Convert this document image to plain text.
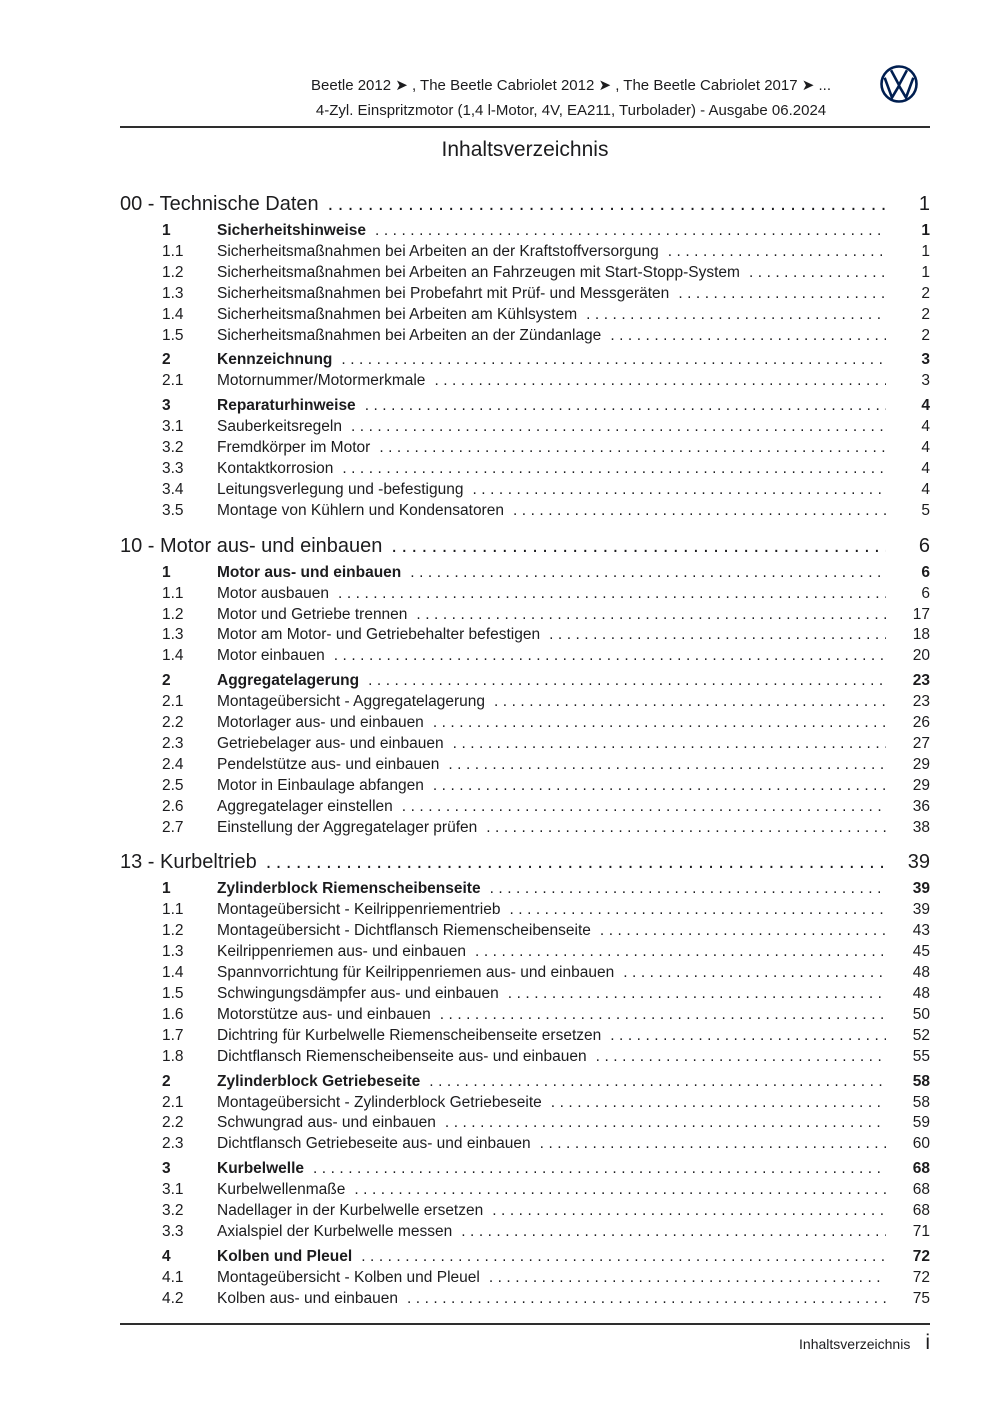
Beetle 2012 ➤ , The Beetle Cabriolet 2012 ➤ , The Beetle Cabriolet 2017 ➤ ...
4-Zyl. Einspritzmotor (1,4 l-Motor, 4V, EA211, Turbolader) - Ausgabe 06.2024
Inhaltsverzeichnis
00 - Technische Daten .....	1
1	Sicherheitshinweise .....	1
1.1	Sicherheitsmaßnahmen bei Arbeiten an der Kraftstoffversorgung .....	1
1.2	Sicherheitsmaßnahmen bei Arbeiten an Fahrzeugen mit Start-Stopp-System .....	1
1.3	Sicherheitsmaßnahmen bei Probefahrt mit Prüf- und Messgeräten .....	2
1.4	Sicherheitsmaßnahmen bei Arbeiten am Kühlsystem .....	2
1.5	Sicherheitsmaßnahmen bei Arbeiten an der Zündanlage .....	2
2	Kennzeichnung .....	3
2.1	Motornummer/Motormerkmale .....	3
3	Reparaturhinweise .....	4
3.1	Sauberkeitsregeln .....	4
3.2	Fremdkörper im Motor .....	4
3.3	Kontaktkorrosion .....	4
3.4	Leitungsverlegung und -befestigung .....	4
3.5	Montage von Kühlern und Kondensatoren .....	5
10 - Motor aus- und einbauen .....	6
1	Motor aus- und einbauen .....	6
1.1	Motor ausbauen .....	6
1.2	Motor und Getriebe trennen .....	17
1.3	Motor am Motor- und Getriebehalter befestigen .....	18
1.4	Motor einbauen .....	20
2	Aggregatelagerung .....	23
2.1	Montageübersicht - Aggregatelagerung .....	23
2.2	Motorlager aus- und einbauen .....	26
2.3	Getriebelager aus- und einbauen .....	27
2.4	Pendelstütze aus- und einbauen .....	29
2.5	Motor in Einbaulage abfangen .....	29
2.6	Aggregatelager einstellen .....	36
2.7	Einstellung der Aggregatelager prüfen .....	38
13 - Kurbeltrieb .....	39
1	Zylinderblock Riemenscheibenseite .....	39
1.1	Montageübersicht - Keilrippenriementrieb .....	39
1.2	Montageübersicht - Dichtflansch Riemenscheibenseite .....	43
1.3	Keilrippenriemen aus- und einbauen .....	45
1.4	Spannvorrichtung für Keilrippenriemen aus- und einbauen .....	48
1.5	Schwingungsdämpfer aus- und einbauen .....	48
1.6	Motorstütze aus- und einbauen .....	50
1.7	Dichtring für Kurbelwelle Riemenscheibenseite ersetzen .....	52
1.8	Dichtflansch Riemenscheibenseite aus- und einbauen .....	55
2	Zylinderblock Getriebeseite .....	58
2.1	Montageübersicht - Zylinderblock Getriebeseite .....	58
2.2	Schwungrad aus- und einbauen .....	59
2.3	Dichtflansch Getriebeseite aus- und einbauen .....	60
3	Kurbelwelle .....	68
3.1	Kurbelwellenmaße .....	68
3.2	Nadellager in der Kurbelwelle ersetzen .....	68
3.3	Axialspiel der Kurbelwelle messen .....	71
4	Kolben und Pleuel .....	72
4.1	Montageübersicht - Kolben und Pleuel .....	72
4.2	Kolben aus- und einbauen .....	75
Inhaltsverzeichnis i
